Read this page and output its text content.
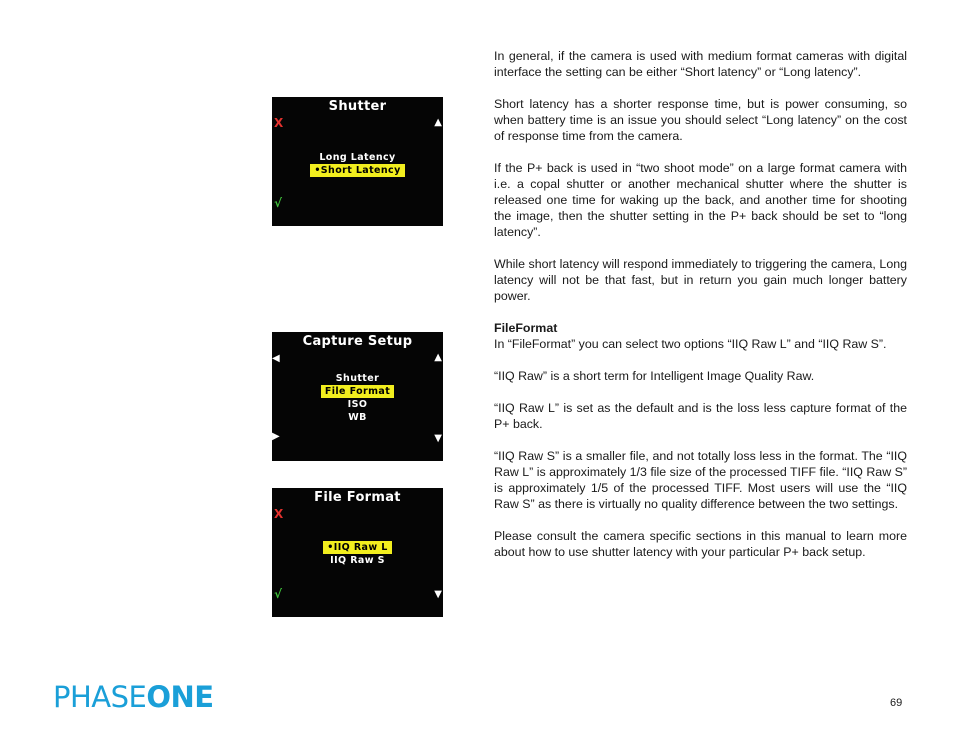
Shutter
X	▲
Long Latency
•Short Latency
√
Capture Setup
◀	▲
Shutter
File Format
ISO
WB
▶	▼
File Format
X
•IIQ Raw L
IIQ Raw S
√	▼

In general, if the camera is used with medium format cameras with digital interface the setting can be either “Short latency” or “Long latency”.

Short latency has a shorter response time, but is power consuming, so when battery time is an issue you should select “Long latency” on the cost of response time from the camera.

If the P+ back is used in “two shoot mode” on a large format camera with i.e. a copal shutter or another mechanical shutter where the shutter is released one time for waking up the back, and another time for shooting the image, then the shutter setting in the P+ back should be set to “long latency”.

While short latency will respond immediately to triggering the camera, Long latency will not be that fast, but in return you gain much longer battery power.

FileFormat

In “FileFormat” you can select two options “IIQ Raw L” and “IIQ Raw S”.

“IIQ Raw” is a short term for Intelligent Image Quality Raw.

“IIQ Raw L” is set as the default and is the loss less capture format of the P+ back.

“IIQ Raw S” is a smaller file, and not totally loss less in the format. The “IIQ Raw L” is approximately 1/3 file size of the processed TIFF file. “IIQ Raw S” is approximately 1/5 of the processed TIFF. Most users will use the “IIQ Raw S” as there is virtually no quality difference between the two settings.

Please consult the camera specific sections in this manual to learn more about how to use shutter latency with your particular P+ back setup.

PHASEONE	69
